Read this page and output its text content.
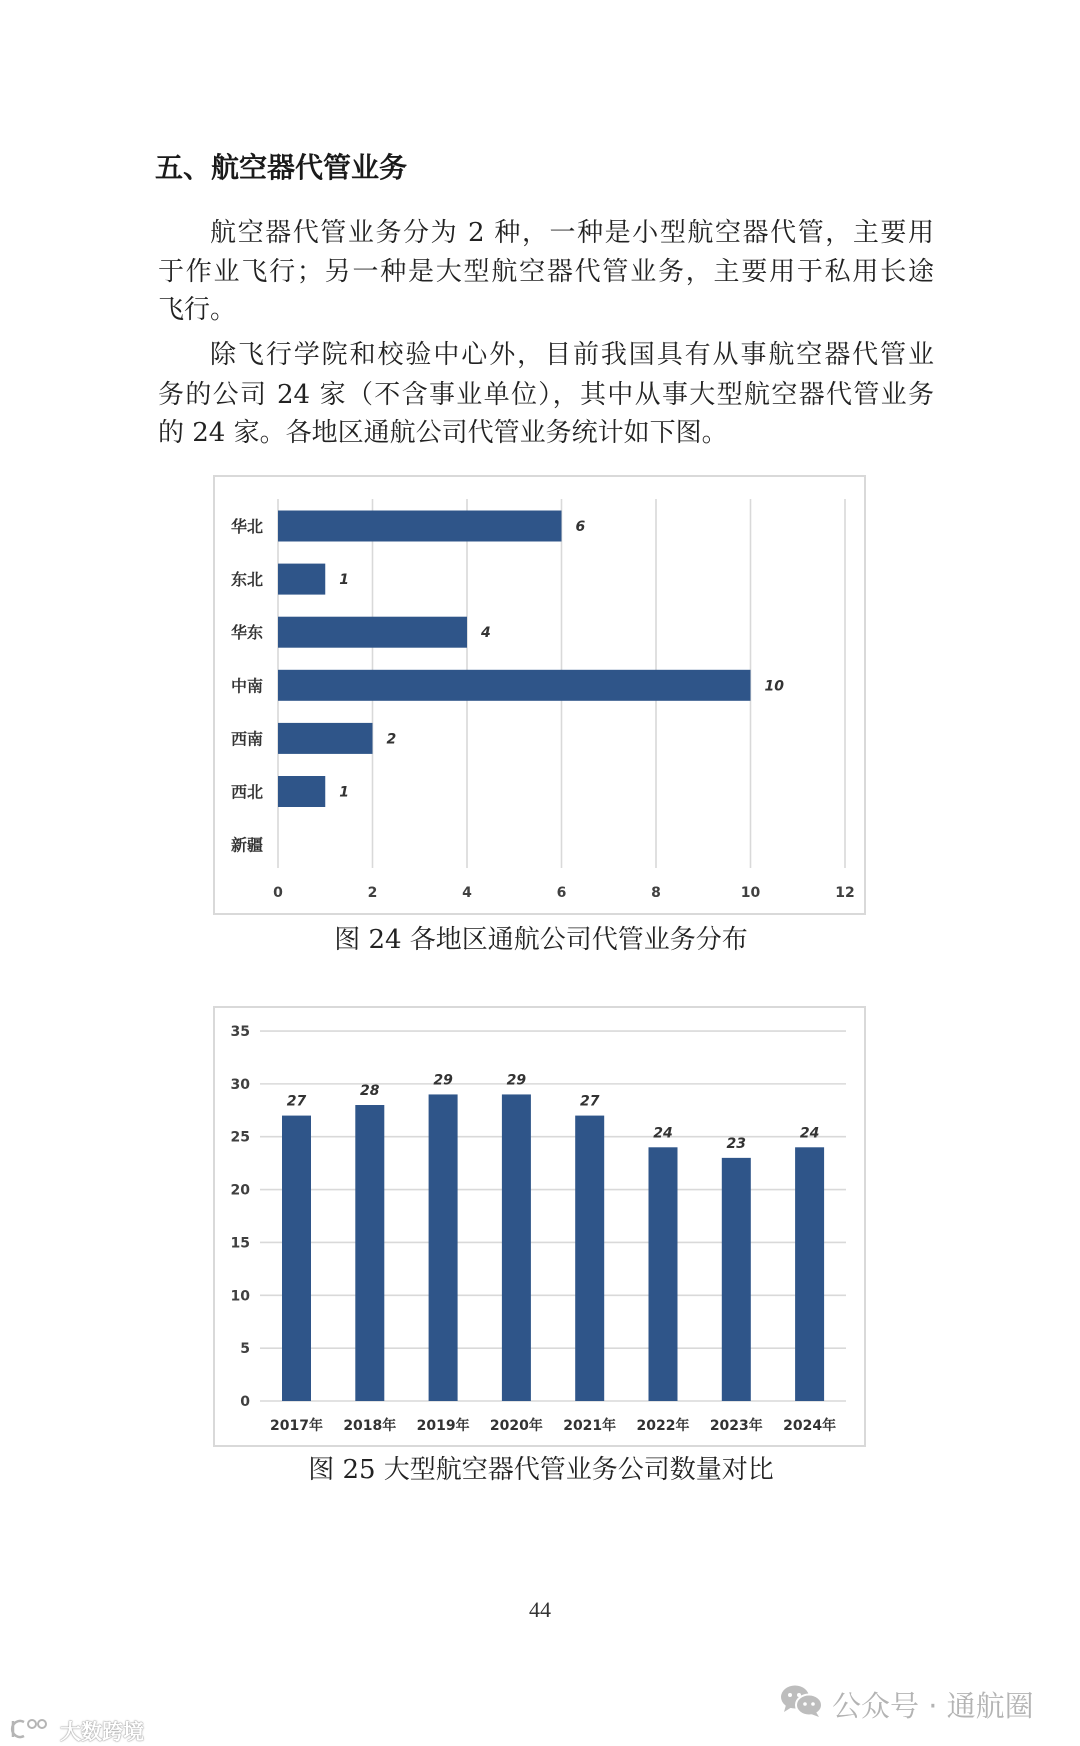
五、航空器代管业务
航空器代管业务分为 2 种，一种是小型航空器代管，主要用
于作业飞行；另一种是大型航空器代管业务，主要用于私用长途
飞行。
除飞行学院和校验中心外，目前我国具有从事航空器代管业
务的公司 24 家（不含事业单位），其中从事大型航空器代管业务
的 24 家。各地区通航公司代管业务统计如下图。
0	2	4	6	8	10	12
华北	6
东北	1
华东	4
中南	10
西南	2
西北	1
新疆
图 24 各地区通航公司代管业务分布
0
5
10
15
20
25
30
35
27
2017年
28
2018年
29
2019年
29
2020年
27
2021年
24
2022年
23
2023年
24
2024年
图 25 大型航空器代管业务公司数量对比
44
公众号 · 通航圈
大数跨境
